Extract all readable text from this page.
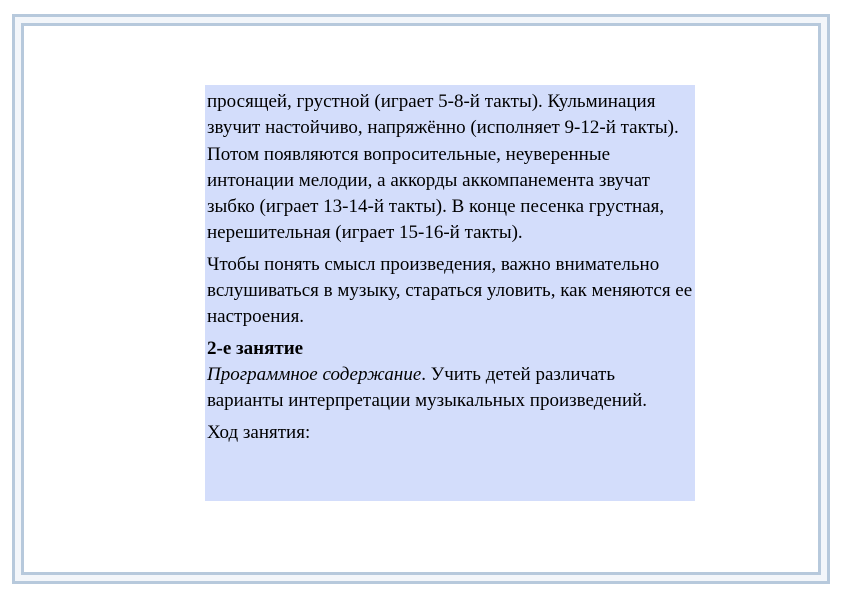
просящей, грустной (играет 5-8-й такты). Кульминация звучит настойчиво, напряжённо (исполняет 9-12-й такты). Потом появляются вопросительные, неуверенные интонации мелодии, а аккорды аккомпанемента звучат зыбко (играет 13-14-й такты). В конце песенка грустная, нерешительная (играет 15-16-й такты).

Чтобы понять смысл произведения, важно внимательно вслушиваться в музыку, стараться уловить, как меняются ее настроения.

2-е занятие

Программное содержание. Учить детей различать варианты интерпретации музыкальных произведений.

Ход занятия:
